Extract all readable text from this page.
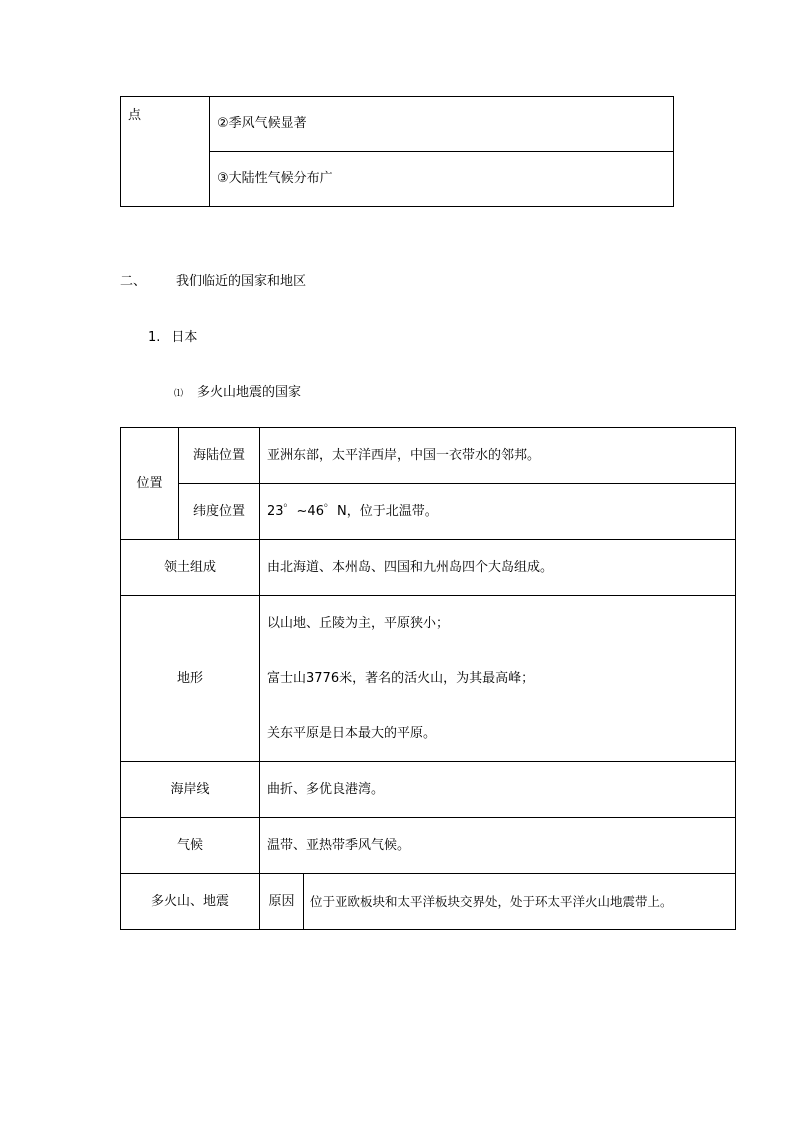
点	②季风气候显著
③大陆性气候分布广
二、 我们临近的国家和地区
1. 日本
⑴ 多火山地震的国家
位置	海陆位置	亚洲东部，太平洋西岸，中国一衣带水的邻邦。	
	纬度位置	23゜~46゜N，位于北温带。	
领土组成		由北海道、本州岛、四国和九州岛四个大岛组成。	
地形		以山地、丘陵为主，平原狭小；

富士山3776米，著名的活火山，为其最高峰；

关东平原是日本最大的平原。	

海岸线		曲折、多优良港湾。	
气候		温带、亚热带季风气候。	
多火山、地震		原因	位于亚欧板块和太平洋板块交界处，处于环太平洋火山地震带上。
